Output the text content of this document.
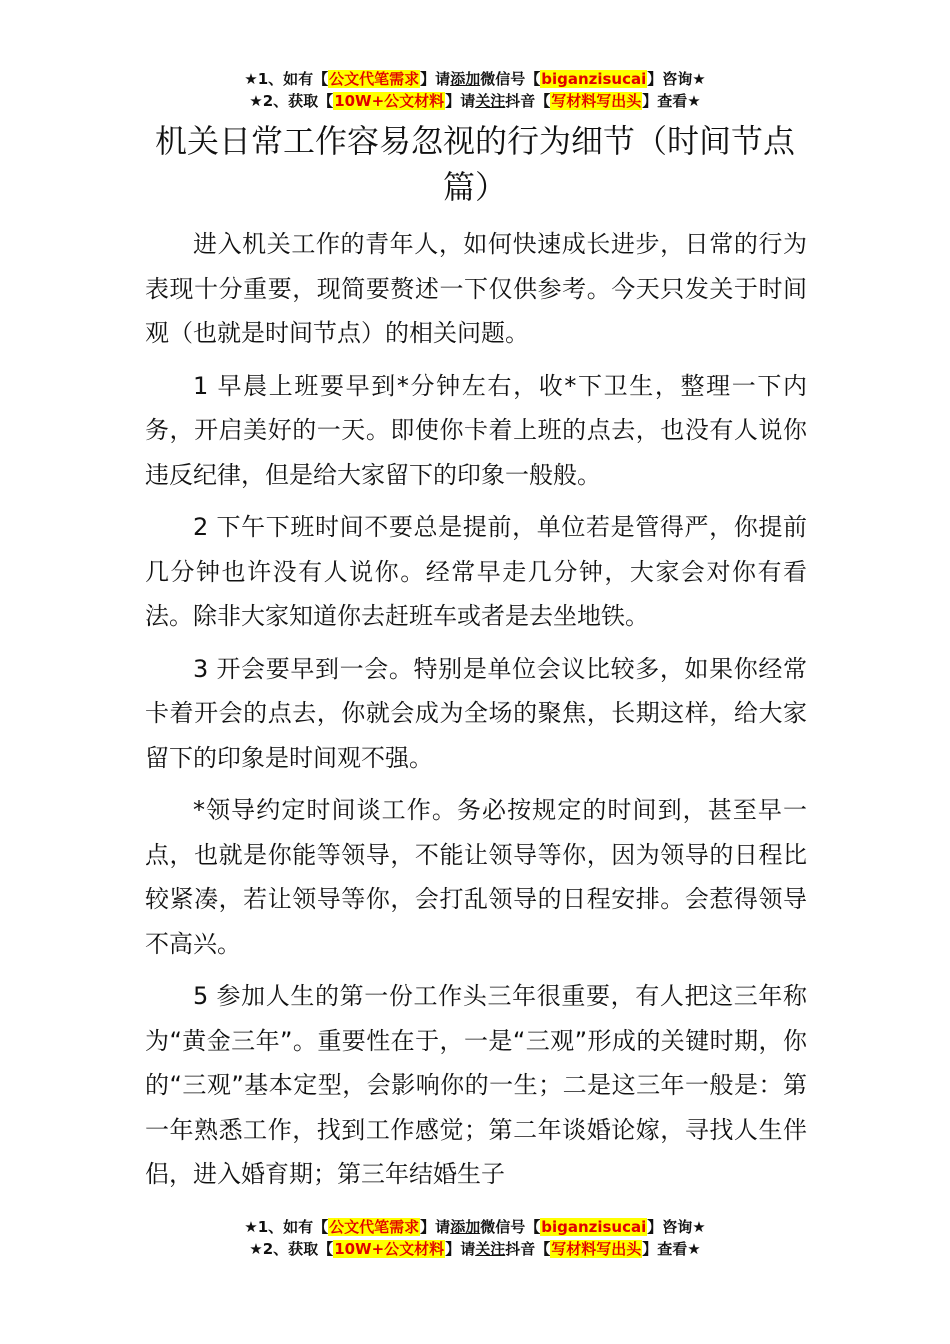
★1、如有【公文代笔需求】请添加微信号【biganzisucai】咨询★
★2、获取【10W+公文材料】请关注抖音【写材料写出头】查看★
机关日常工作容易忽视的行为细节（时间节点篇）

进入机关工作的青年人，如何快速成长进步，日常的行为表现十分重要，现简要赘述一下仅供参考。今天只发关于时间观（也就是时间节点）的相关问题。

1 早晨上班要早到*分钟左右，收*下卫生，整理一下内务，开启美好的一天。即使你卡着上班的点去，也没有人说你违反纪律，但是给大家留下的印象一般般。

2 下午下班时间不要总是提前，单位若是管得严，你提前几分钟也许没有人说你。经常早走几分钟，大家会对你有看法。除非大家知道你去赶班车或者是去坐地铁。

3 开会要早到一会。特别是单位会议比较多，如果你经常卡着开会的点去，你就会成为全场的聚焦，长期这样，给大家留下的印象是时间观不强。

*领导约定时间谈工作。务必按规定的时间到，甚至早一点，也就是你能等领导，不能让领导等你，因为领导的日程比较紧凑，若让领导等你，会打乱领导的日程安排。会惹得领导不高兴。

5 参加人生的第一份工作头三年很重要，有人把这三年称为“黄金三年”。重要性在于，一是“三观”形成的关键时期，你的“三观”基本定型，会影响你的一生；二是这三年一般是：第一年熟悉工作，找到工作感觉；第二年谈婚论嫁，寻找人生伴侣，进入婚育期；第三年结婚生子

★1、如有【公文代笔需求】请添加微信号【biganzisucai】咨询★
★2、获取【10W+公文材料】请关注抖音【写材料写出头】查看★
